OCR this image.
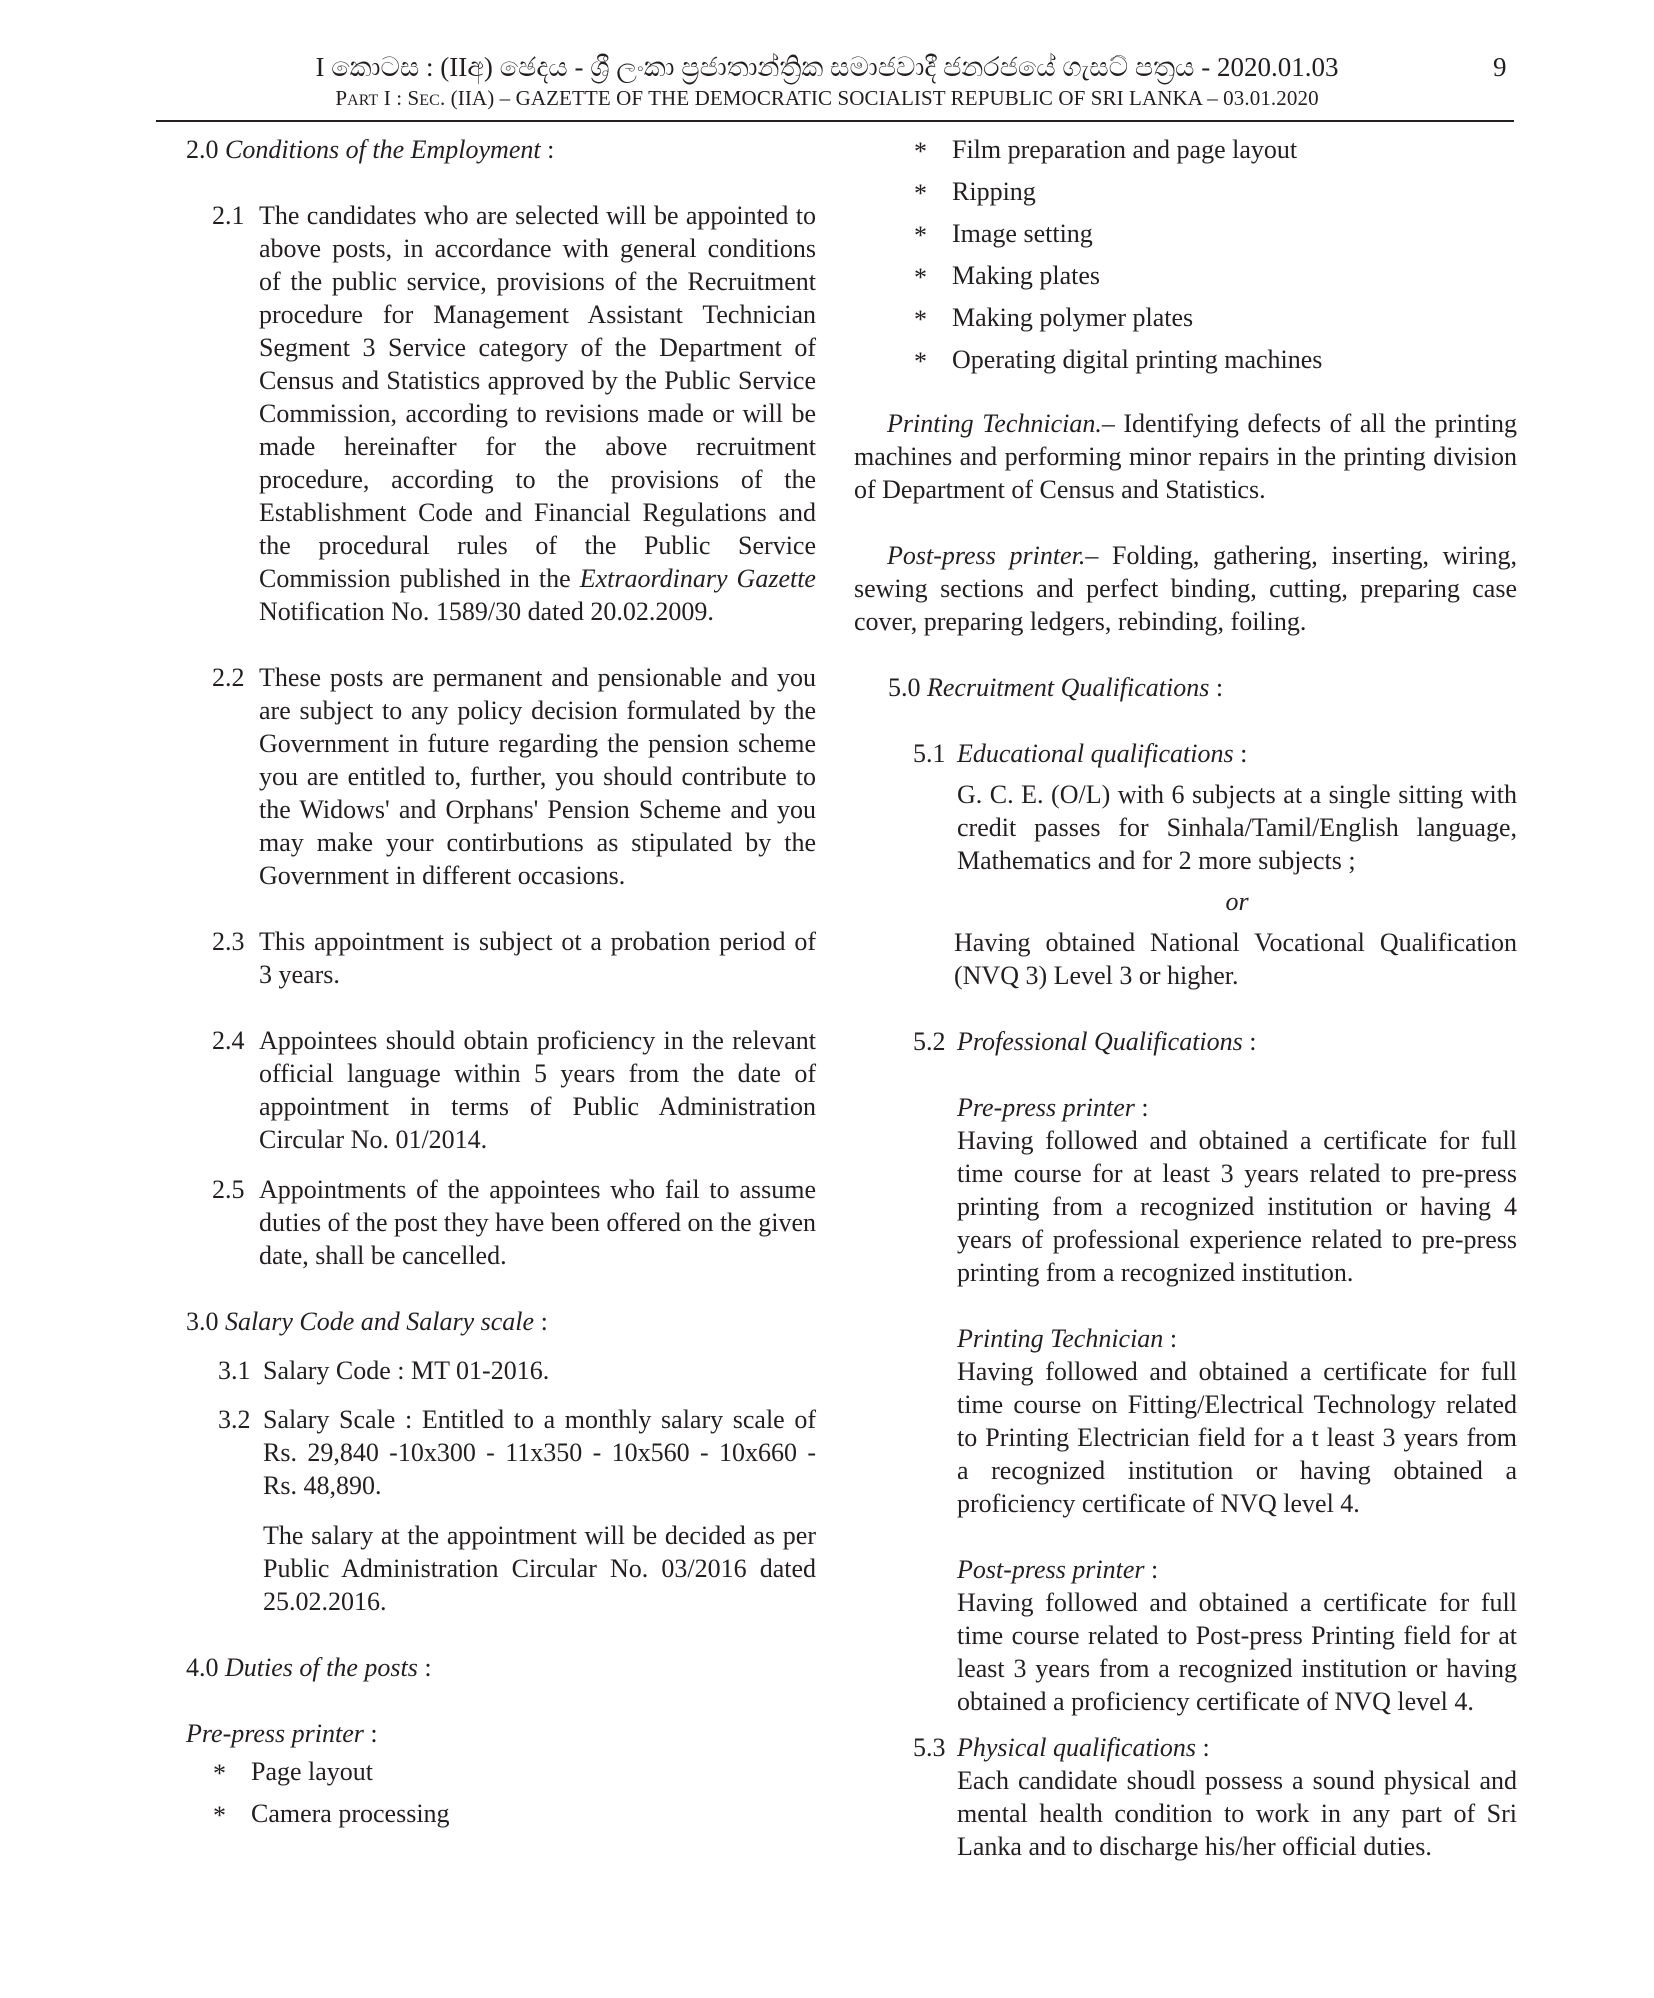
I කොටස : (IIඅ) ඡෙදය - ශ්‍රී ලංකා ප්‍රජාතාන්ත්‍රික සමාජවාදී ජනරජයේ ගැසට් පත්‍රය - 2020.01.03
PART I : SEC. (IIA) – GAZETTE OF THE DEMOCRATIC SOCIALIST REPUBLIC OF SRI LANKA – 03.01.2020
9

2.0 Conditions of the Employment :

2.1 The candidates who are selected will be appointed to above posts, in accordance with general conditions of the public service, provisions of the Recruitment procedure for Management Assistant Technician Segment 3 Service category of the Department of Census and Statistics approved by the Public Service Commission, according to revisions made or will be made hereinafter for the above recruitment procedure, according to the provisions of the Establishment Code and Financial Regulations and the procedural rules of the Public Service Commission published in the Extraordinary Gazette Notification No. 1589/30 dated 20.02.2009.

2.2 These posts are permanent and pensionable and you are subject to any policy decision formulated by the Government in future regarding the pension scheme you are entitled to, further, you should contribute to the Widows' and Orphans' Pension Scheme and you may make your contirbutions as stipulated by the Government in different occasions.

2.3 This appointment is subject ot a probation period of 3 years.

2.4 Appointees should obtain proficiency in the relevant official language within 5 years from the date of appointment in terms of Public Administration Circular No. 01/2014.

2.5 Appointments of the appointees who fail to assume duties of the post they have been offered on the given date, shall be cancelled.

3.0 Salary Code and Salary scale :

3.1 Salary Code : MT 01-2016.

3.2 Salary Scale : Entitled to a monthly salary scale of Rs. 29,840 -10x300 - 11x350 - 10x560 - 10x660 - Rs. 48,890.

The salary at the appointment will be decided as per Public Administration Circular No. 03/2016 dated 25.02.2016.

4.0 Duties of the posts :

Pre-press printer :

* Page layout
* Camera processing
* Film preparation and page layout
* Ripping
* Image setting
* Making plates
* Making polymer plates
* Operating digital printing machines

Printing Technician.– Identifying defects of all the printing machines and performing minor repairs in the printing division of Department of Census and Statistics.

Post-press printer.– Folding, gathering, inserting, wiring, sewing sections and perfect binding, cutting, preparing case cover, preparing ledgers, rebinding, foiling.

5.0 Recruitment Qualifications :

5.1 Educational qualifications :

G. C. E. (O/L) with 6 subjects at a single sitting with credit passes for Sinhala/Tamil/English language, Mathematics and for 2 more subjects ;

or

Having obtained National Vocational Qualification (NVQ 3) Level 3 or higher.

5.2 Professional Qualifications :

Pre-press printer :

Having followed and obtained a certificate for full time course for at least 3 years related to pre-press printing from a recognized institution or having 4 years of professional experience related to pre-press printing from a recognized institution.

Printing Technician :

Having followed and obtained a certificate for full time course on Fitting/Electrical Technology related to Printing Electrician field for a t least 3 years from a recognized institution or having obtained a proficiency certificate of NVQ level 4.

Post-press printer :

Having followed and obtained a certificate for full time course related to Post-press Printing field for at least 3 years from a recognized institution or having obtained a proficiency certificate of NVQ level 4.

5.3 Physical qualifications :

Each candidate shoudl possess a sound physical and mental health condition to work in any part of Sri Lanka and to discharge his/her official duties.
